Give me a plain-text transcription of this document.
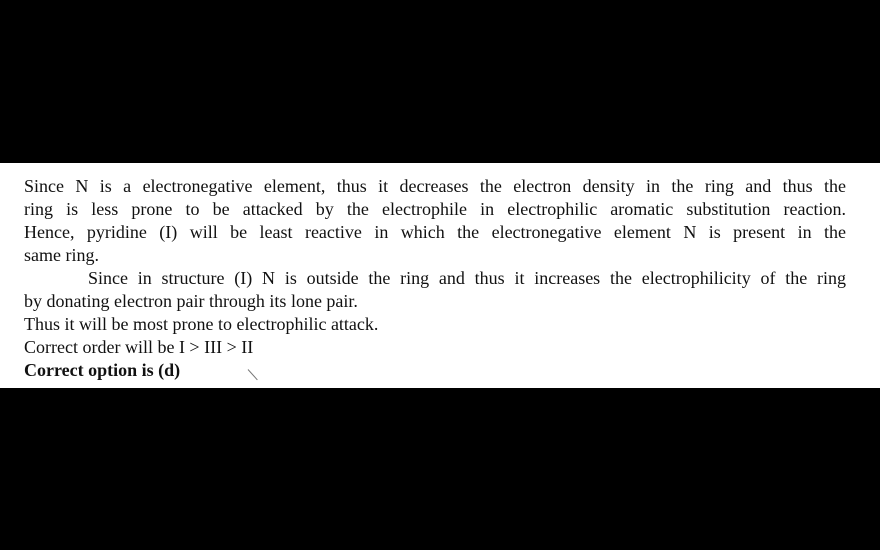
Since N is a electronegative element, thus it decreases the electron density in the ring and thus the
ring is less prone to be attacked by the electrophile in electrophilic aromatic substitution reaction.
Hence, pyridine (I) will be least reactive in which the electronegative element N is present in the
same ring.
Since in structure (I) N is outside the ring and thus it increases the electrophilicity of the ring
by donating electron pair through its lone pair.
Thus it will be most prone to electrophilic attack.
Correct order will be I > III > II
Correct option is (d)
